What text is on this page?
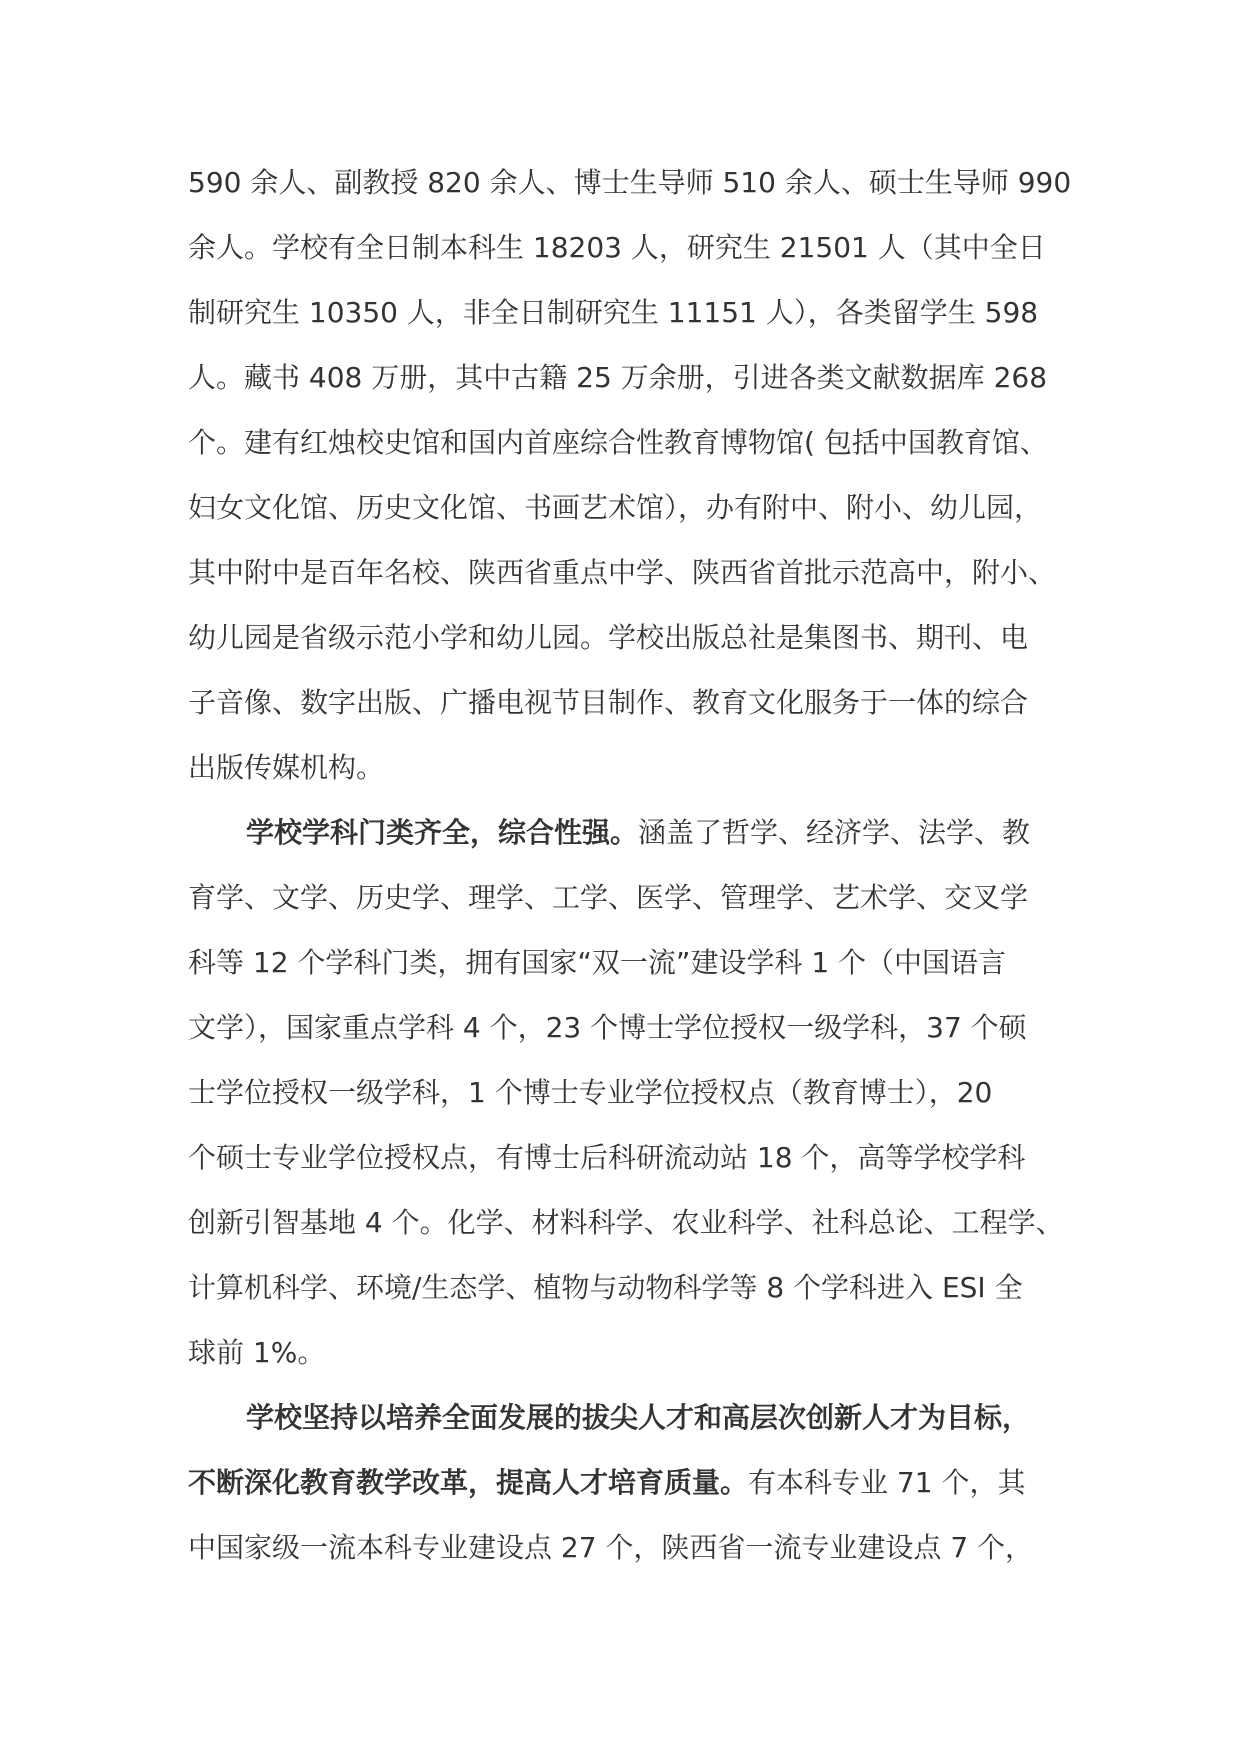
590 余人、副教授 820 余人、博士生导师 510 余人、硕士生导师 990
余人。学校有全日制本科生 18203 人，研究生 21501 人（其中全日
制研究生 10350 人，非全日制研究生 11151 人），各类留学生 598
人。藏书 408 万册，其中古籍 25 万余册，引进各类文献数据库 268
个。建有红烛校史馆和国内首座综合性教育博物馆( 包括中国教育馆、
妇女文化馆、历史文化馆、书画艺术馆），办有附中、附小、幼儿园，
其中附中是百年名校、陕西省重点中学、陕西省首批示范高中，附小、
幼儿园是省级示范小学和幼儿园。学校出版总社是集图书、期刊、电
子音像、数字出版、广播电视节目制作、教育文化服务于一体的综合
出版传媒机构。
学校学科门类齐全，综合性强。涵盖了哲学、经济学、法学、教
育学、文学、历史学、理学、工学、医学、管理学、艺术学、交叉学
科等 12 个学科门类，拥有国家“双一流”建设学科 1 个（中国语言
文学），国家重点学科 4 个，23 个博士学位授权一级学科，37 个硕
士学位授权一级学科，1 个博士专业学位授权点（教育博士），20
个硕士专业学位授权点，有博士后科研流动站 18 个，高等学校学科
创新引智基地 4 个。化学、材料科学、农业科学、社科总论、工程学、
计算机科学、环境/生态学、植物与动物科学等 8 个学科进入 ESI 全
球前 1%。
学校坚持以培养全面发展的拔尖人才和高层次创新人才为目标，
不断深化教育教学改革，提高人才培育质量。有本科专业 71 个，其
中国家级一流本科专业建设点 27 个，陕西省一流专业建设点 7 个，
